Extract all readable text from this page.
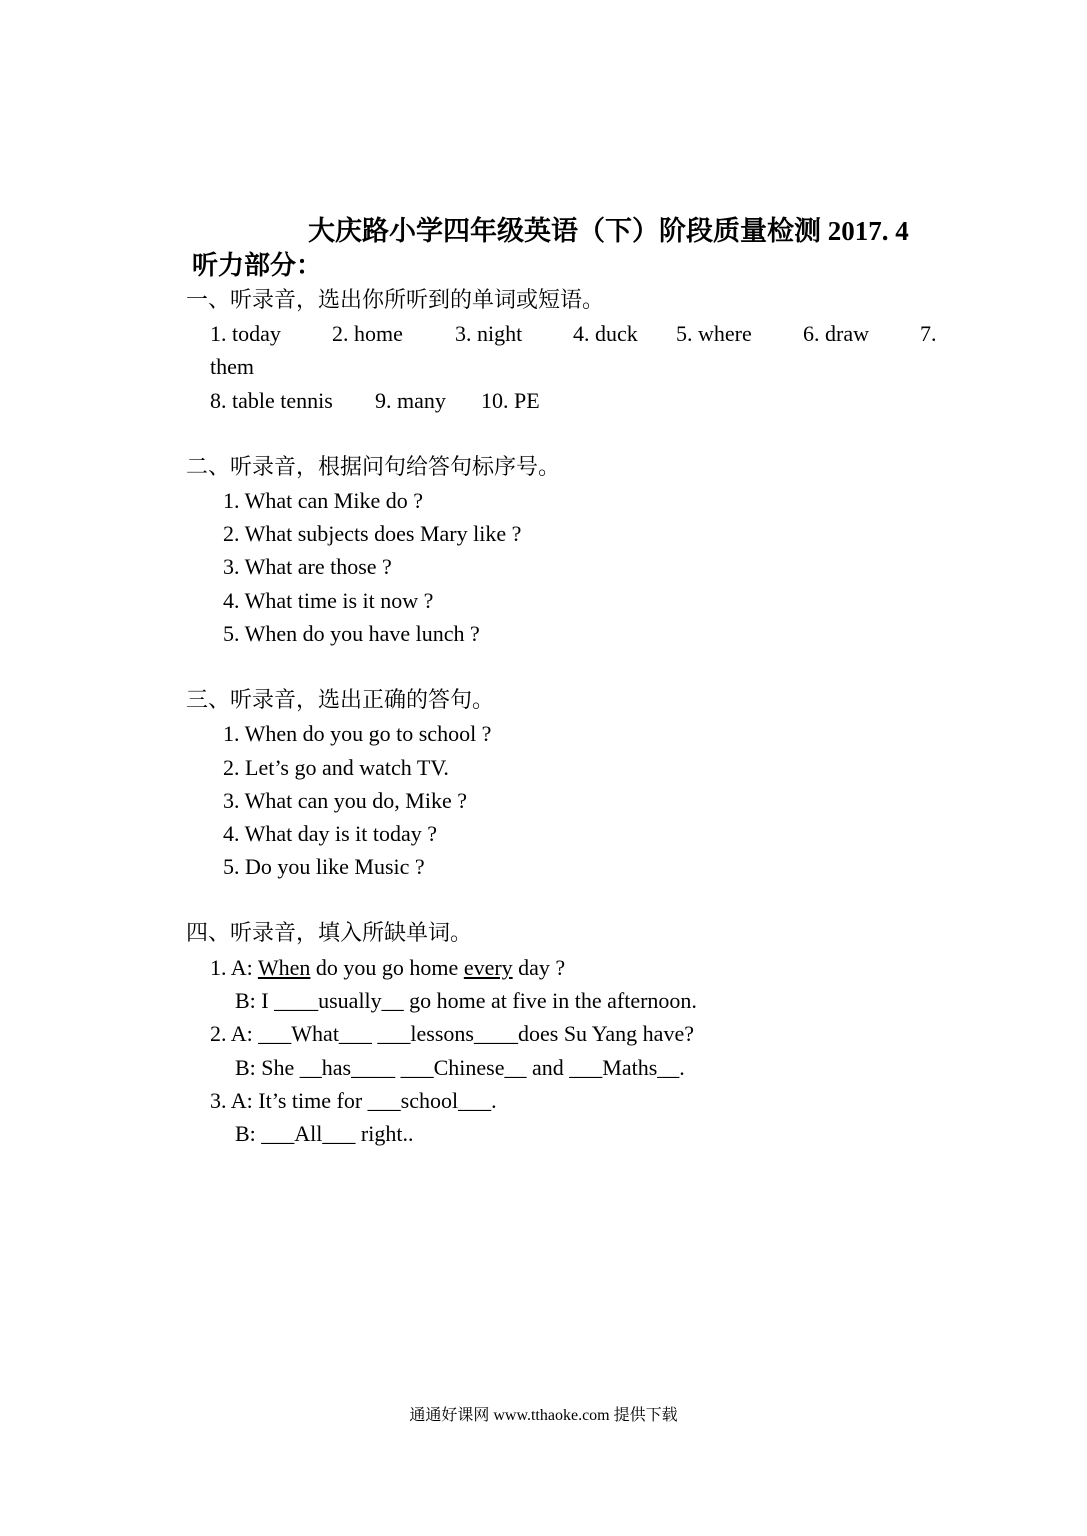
大庆路小学四年级英语（下）阶段质量检测 2017. 4
听力部分：
一、听录音，选出你所听到的单词或短语。
1. today 2. home 3. night 4. duck 5. where 6. draw 7.
them
8. table tennis 9. many 10. PE
二、听录音，根据问句给答句标序号。
1. What can Mike do ?
2. What subjects does Mary like ?
3. What are those ?
4. What time is it now ?
5. When do you have lunch ?
三、听录音，选出正确的答句。
1. When do you go to school ?
2. Let’s go and watch TV.
3. What can you do, Mike ?
4. What day is it today ?
5. Do you like Music ?
四、听录音，填入所缺单词。
1. A: When do you go home every day ?
B: I ____usually__ go home at five in the afternoon.
2. A: ___What___ ___lessons____does Su Yang have?
B: She __has____ ___Chinese__ and ___Maths__.
3. A: It’s time for ___school___.
B: ___All___ right..
通通好课网 www.tthaoke.com 提供下载
